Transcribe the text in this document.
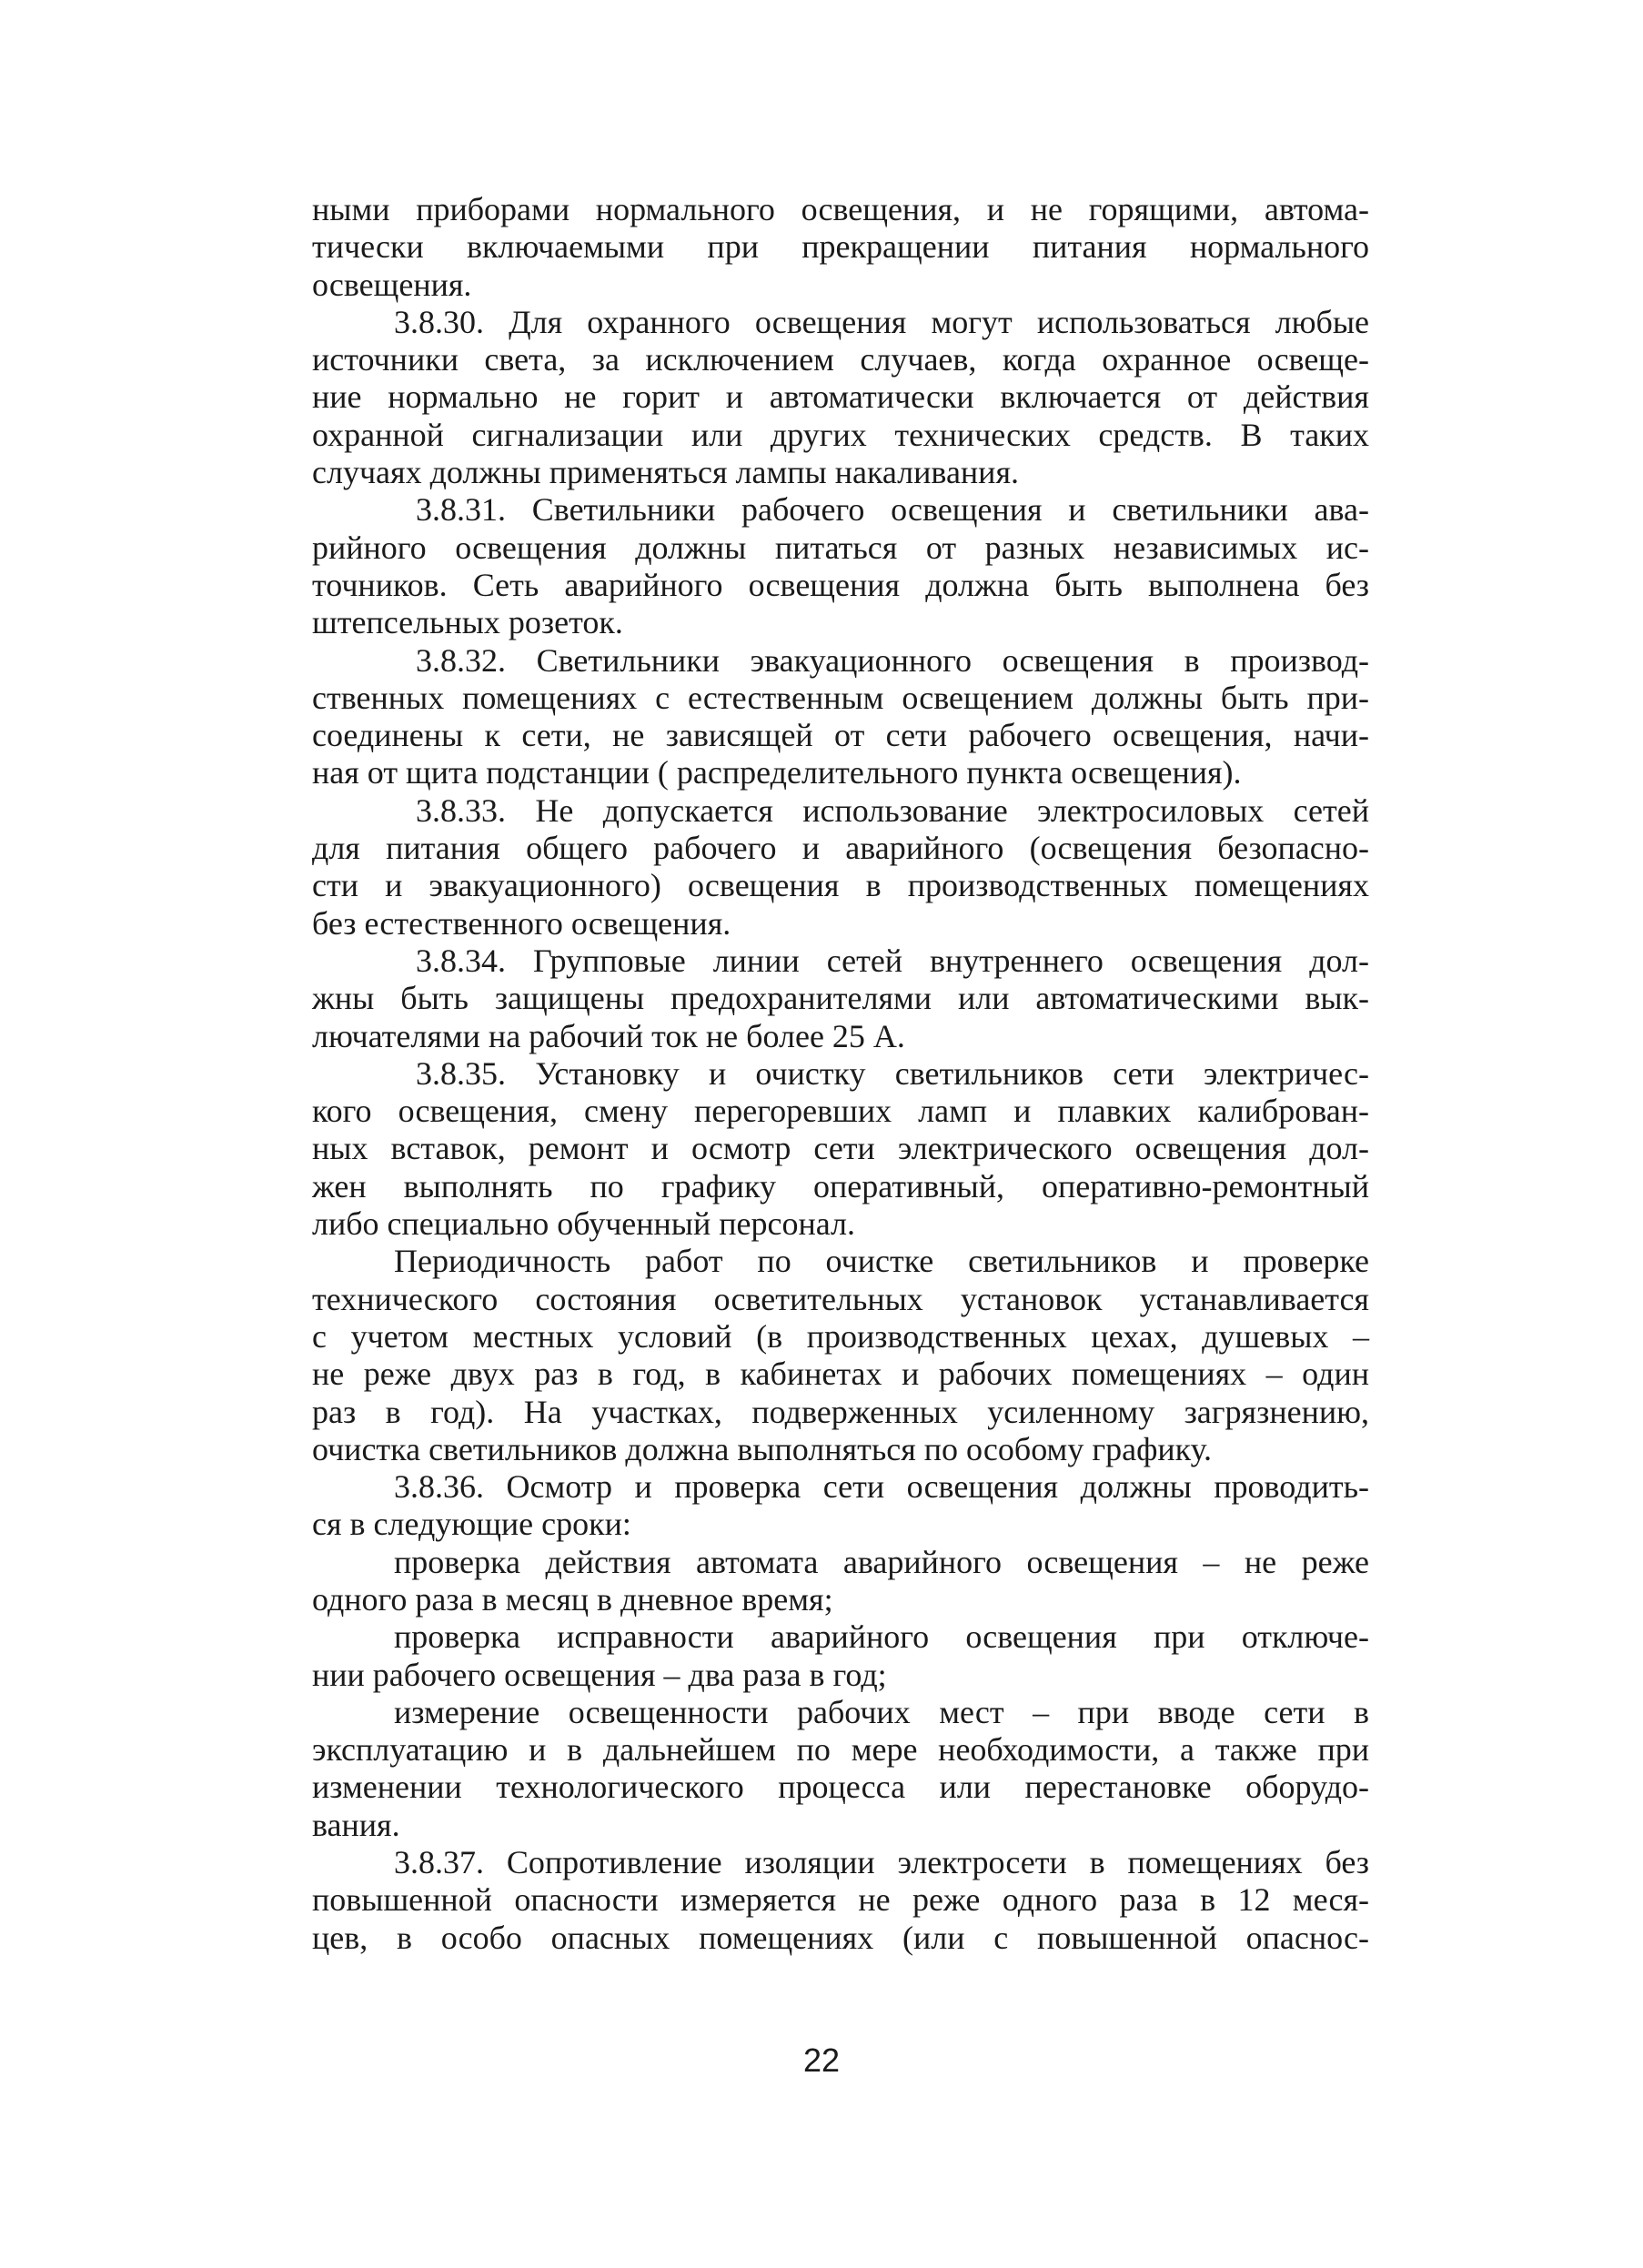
ными приборами нормального освещения, и не горящими, автома-
тически включаемыми при прекращении питания нормального
освещения.
3.8.30. Для охранного освещения могут использоваться любые
источники света, за исключением случаев, когда охранное освеще-
ние нормально не горит и автоматически включается от действия
охранной сигнализации или других технических средств. В таких
случаях должны применяться лампы накаливания.
3.8.31. Светильники рабочего освещения и светильники ава-
рийного освещения должны питаться от разных независимых ис-
точников. Сеть аварийного освещения должна быть выполнена без
штепсельных розеток.
3.8.32. Светильники эвакуационного освещения в производ-
ственных помещениях с естественным освещением должны быть при-
соединены к сети, не зависящей от сети рабочего освещения, начи-
ная от щита подстанции ( распределительного пункта освещения).
3.8.33. Не допускается использование электросиловых сетей
для питания общего рабочего и аварийного (освещения безопасно-
сти и эвакуационного) освещения в производственных помещениях
без естественного освещения.
3.8.34. Групповые линии сетей внутреннего освещения дол-
жны быть защищены предохранителями или автоматическими вык-
лючателями на рабочий ток не более 25 А.
3.8.35. Установку и очистку светильников сети электричес-
кого освещения, смену перегоревших ламп и плавких калиброван-
ных вставок, ремонт и осмотр сети электрического освещения дол-
жен выполнять по графику оперативный, оперативно-ремонтный
либо специально обученный персонал.
Периодичность работ по очистке светильников и проверке
технического состояния осветительных установок устанавливается
с учетом местных условий (в производственных цехах, душевых –
не реже двух раз в год, в кабинетах и рабочих помещениях – один
раз в год). На участках, подверженных усиленному загрязнению,
очистка светильников должна выполняться по особому графику.
3.8.36. Осмотр и проверка сети освещения должны проводить-
ся в следующие сроки:
проверка действия автомата аварийного освещения – не реже
одного раза в месяц в дневное время;
проверка исправности аварийного освещения при отключе-
нии рабочего освещения – два раза в год;
измерение освещенности рабочих мест – при вводе сети в
эксплуатацию и в дальнейшем по мере необходимости, а также при
изменении технологического процесса или перестановке оборудо-
вания.
3.8.37. Сопротивление изоляции электросети в помещениях без
повышенной опасности измеряется не реже одного раза в 12 меся-
цев, в особо опасных помещениях (или с повышенной опаснос-
22
